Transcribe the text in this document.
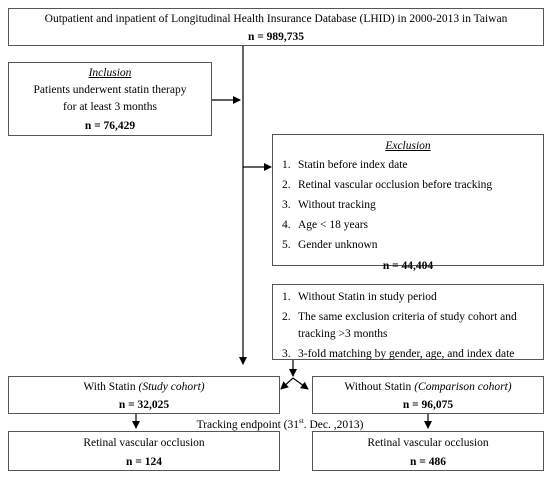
Outpatient and inpatient of Longitudinal Health Insurance Database (LHID) in 2000-2013 in Taiwan
n = 989,735
Inclusion
Patients underwent statin therapy
for at least 3 months
n = 76,429
Exclusion
1. Statin before index date
2. Retinal vascular occlusion before tracking
3. Without tracking
4. Age < 18 years
5. Gender unknown
n = 44,404
1. Without Statin in study period
2. The same exclusion criteria of study cohort and tracking >3 months
3. 3-fold matching by gender, age, and index date
With Statin (Study cohort)
n = 32,025
Without Statin (Comparison cohort)
n = 96,075
Tracking endpoint (31st. Dec. ,2013)
Retinal vascular occlusion
n = 124
Retinal vascular occlusion
n = 486
